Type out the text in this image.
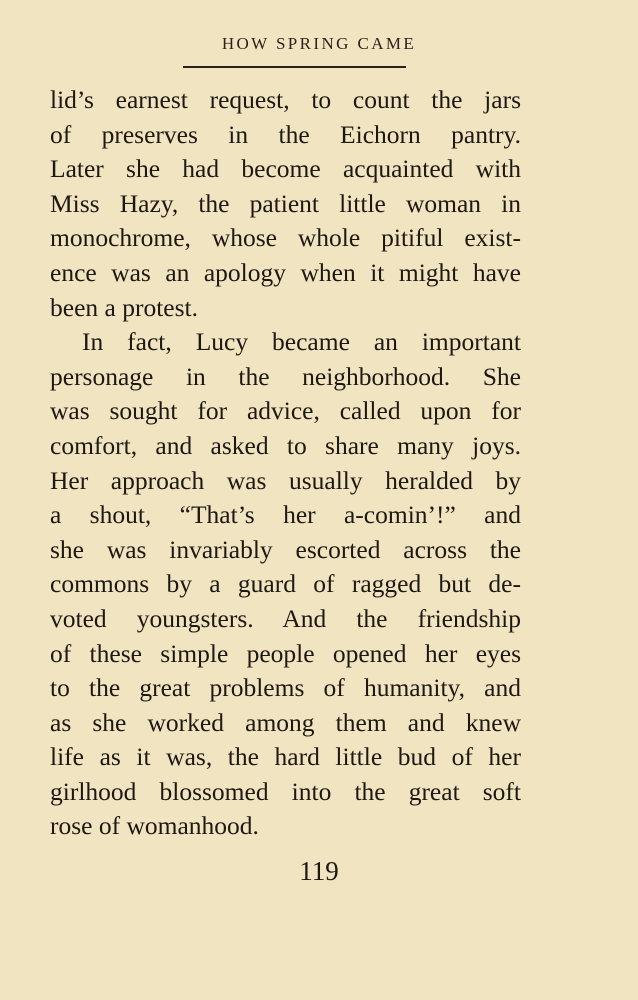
HOW SPRING CAME
lid’s earnest request, to count the jars
of preserves in the Eichorn pantry.
Later she had become acquainted with
Miss Hazy, the patient little woman in
monochrome, whose whole pitiful exist-
ence was an apology when it might have
been a protest.
In fact, Lucy became an important
personage in the neighborhood. She
was sought for advice, called upon for
comfort, and asked to share many joys.
Her approach was usually heralded by
a shout, “That’s her a-comin’!” and
she was invariably escorted across the
commons by a guard of ragged but de-
voted youngsters. And the friendship
of these simple people opened her eyes
to the great problems of humanity, and
as she worked among them and knew
life as it was, the hard little bud of her
girlhood blossomed into the great soft
rose of womanhood.
119
